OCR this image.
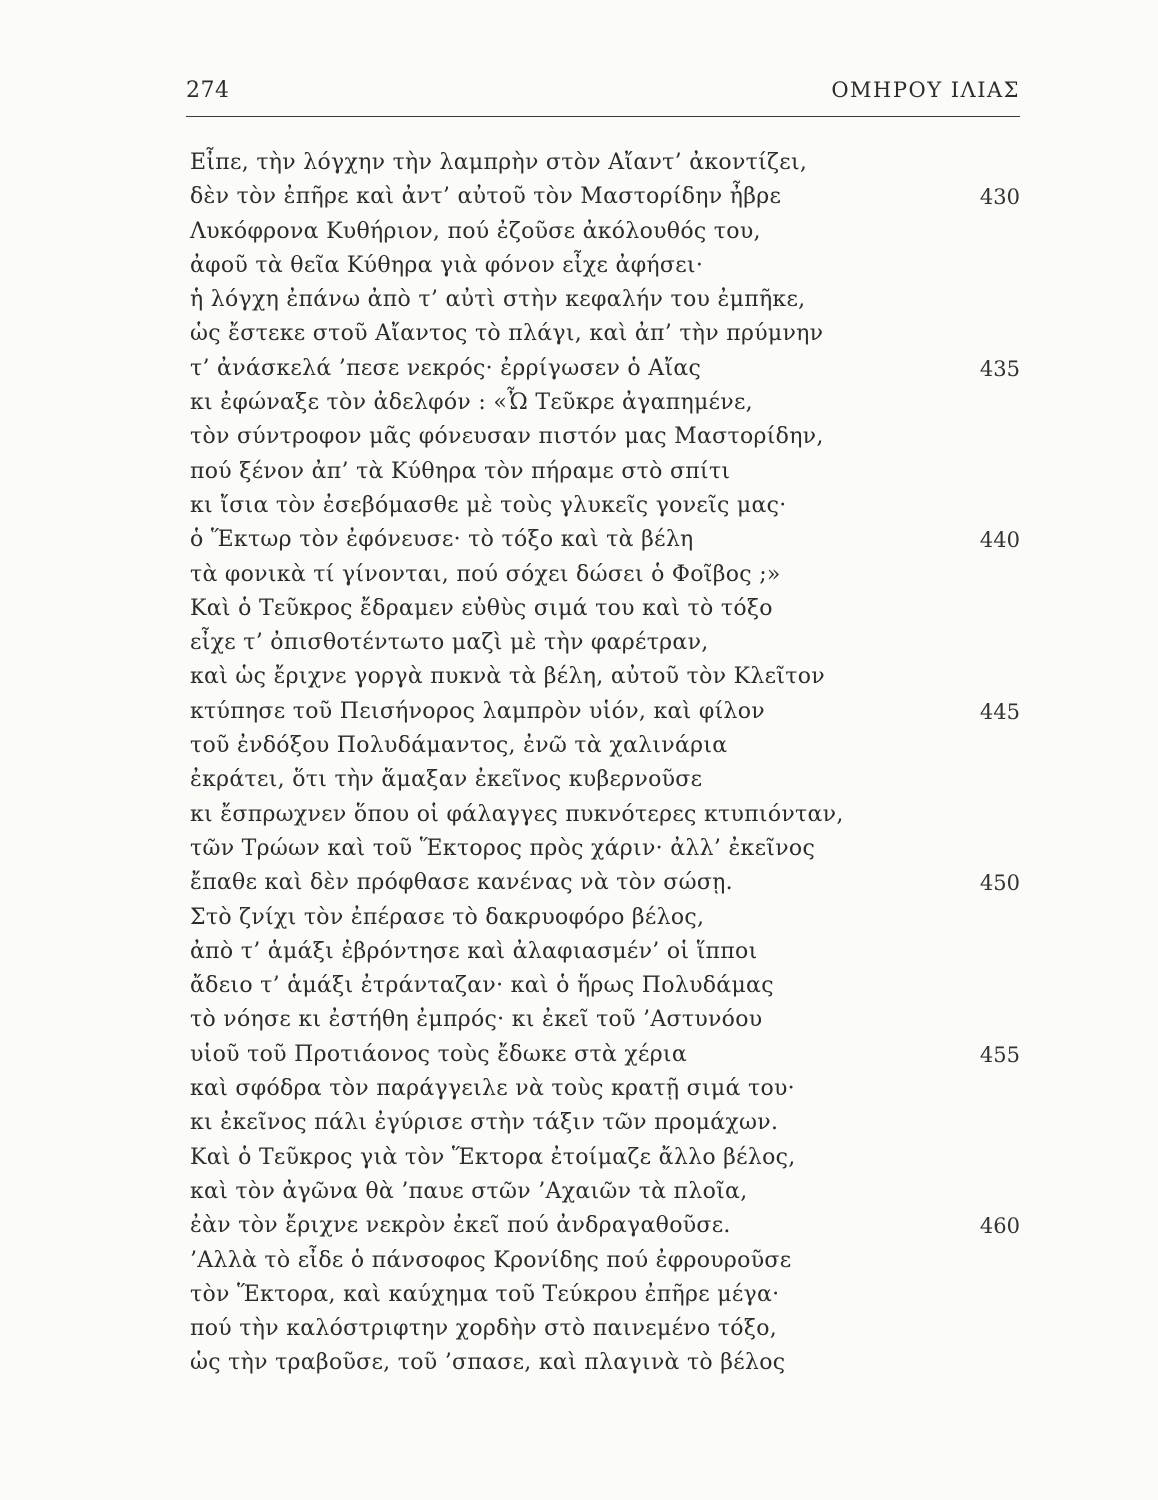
274	ΟΜΗΡΟΥ ΙΛΙΑΣ
Εἶπε, τὴν λόγχην τὴν λαμπρὴν στὸν Αἴαντ’ ἀκοντίζει,
δὲν τὸν ἐπῆρε καὶ ἀντ’ αὐτοῦ τὸν Μαστορίδην ἦβρε	430
Λυκόφρονα Κυθήριον, πού ἐζοῦσε ἀκόλουθός του,
ἀφοῦ τὰ θεῖα Κύθηρα γιὰ φόνον εἶχε ἀφήσει·
ἡ λόγχη ἐπάνω ἀπὸ τ’ αὐτὶ στὴν κεφαλήν του ἐμπῆκε,
ὡς ἔστεκε στοῦ Αἴαντος τὸ πλάγι, καὶ ἀπ’ τὴν πρύμνην
τ’ ἀνάσκελά ’πεσε νεκρός· ἐρρίγωσεν ὁ Αἴας	435
κι ἐφώναξε τὸν ἀδελφόν : «Ὦ Τεῦκρε ἀγαπημένε,
τὸν σύντροφον μᾶς φόνευσαν πιστόν μας Μαστορίδην,
πού ξένον ἀπ’ τὰ Κύθηρα τὸν πήραμε στὸ σπίτι
κι ἴσια τὸν ἐσεβόμασθε μὲ τοὺς γλυκεῖς γονεῖς μας·
ὁ Ἕκτωρ τὸν ἐφόνευσε· τὸ τόξο καὶ τὰ βέλη	440
τὰ φονικὰ τί γίνονται, πού σόχει δώσει ὁ Φοῖβος ;»
Καὶ ὁ Τεῦκρος ἔδραμεν εὐθὺς σιμά του καὶ τὸ τόξο
εἶχε τ’ ὀπισθοτέντωτο μαζὶ μὲ τὴν φαρέτραν,
καὶ ὡς ἔριχνε γοργὰ πυκνὰ τὰ βέλη, αὐτοῦ τὸν Κλεῖτον
κτύπησε τοῦ Πεισήνορος λαμπρὸν υἱόν, καὶ φίλον	445
τοῦ ἐνδόξου Πολυδάμαντος, ἐνῶ τὰ χαλινάρια
ἐκράτει, ὅτι τὴν ἅμαξαν ἐκεῖνος κυβερνοῦσε
κι ἔσπρωχνεν ὅπου οἱ φάλαγγες πυκνότερες κτυπιόνταν,
τῶν Τρώων καὶ τοῦ Ἕκτορος πρὸς χάριν· ἀλλ’ ἐκεῖνος
ἔπαθε καὶ δὲν πρόφθασε κανένας νὰ τὸν σώσῃ.	450
Στὸ ζνίχι τὸν ἐπέρασε τὸ δακρυοφόρο βέλος,
ἀπὸ τ’ ἁμάξι ἐβρόντησε καὶ ἀλαφιασμέν’ οἱ ἵπποι
ἄδειο τ’ ἁμάξι ἐτράνταζαν· καὶ ὁ ἥρως Πολυδάμας
τὸ νόησε κι ἐστήθη ἐμπρός· κι ἐκεῖ τοῦ ’Αστυνόου
υἱοῦ τοῦ Προτιάονος τοὺς ἔδωκε στὰ χέρια	455
καὶ σφόδρα τὸν παράγγειλε νὰ τοὺς κρατῇ σιμά του·
κι ἐκεῖνος πάλι ἐγύρισε στὴν τάξιν τῶν προμάχων.
Καὶ ὁ Τεῦκρος γιὰ τὸν Ἕκτορα ἐτοίμαζε ἄλλο βέλος,
καὶ τὸν ἀγῶνα θὰ ’παυε στῶν ’Αχαιῶν τὰ πλοῖα,
ἐὰν τὸν ἔριχνε νεκρὸν ἐκεῖ πού ἀνδραγαθοῦσε.	460
’Αλλὰ τὸ εἶδε ὁ πάνσοφος Κρονίδης πού ἐφρουροῦσε
τὸν Ἕκτορα, καὶ καύχημα τοῦ Τεύκρου ἐπῆρε μέγα·
πού τὴν καλόστριφτην χορδὴν στὸ παινεμένο τόξο,
ὡς τὴν τραβοῦσε, τοῦ ’σπασε, καὶ πλαγινὰ τὸ βέλος
